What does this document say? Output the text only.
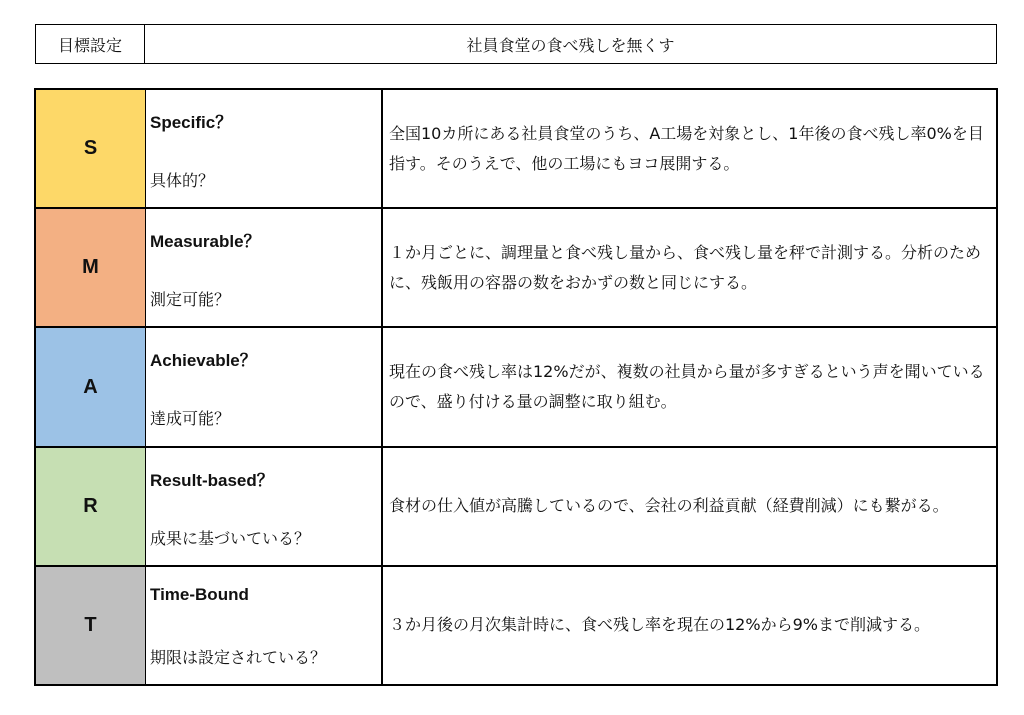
目標設定	社員食堂の食べ残しを無くす
S
Specific？
具体的？
全国10カ所にある社員食堂のうち、A工場を対象とし、1年後の食べ残し率0%を目指す。そのうえで、他の工場にもヨコ展開する。
M
Measurable？
測定可能？
１か月ごとに、調理量と食べ残し量から、食べ残し量を秤で計測する。分析のために、残飯用の容器の数をおかずの数と同じにする。
A
Achievable？
達成可能？
現在の食べ残し率は12%だが、複数の社員から量が多すぎるという声を聞いているので、盛り付ける量の調整に取り組む。
R
Result-based？
成果に基づいている？
食材の仕入値が高騰しているので、会社の利益貢献（経費削減）にも繋がる。
T
Time-Bound
期限は設定されている？
３か月後の月次集計時に、食べ残し率を現在の12%から9%まで削減する。
